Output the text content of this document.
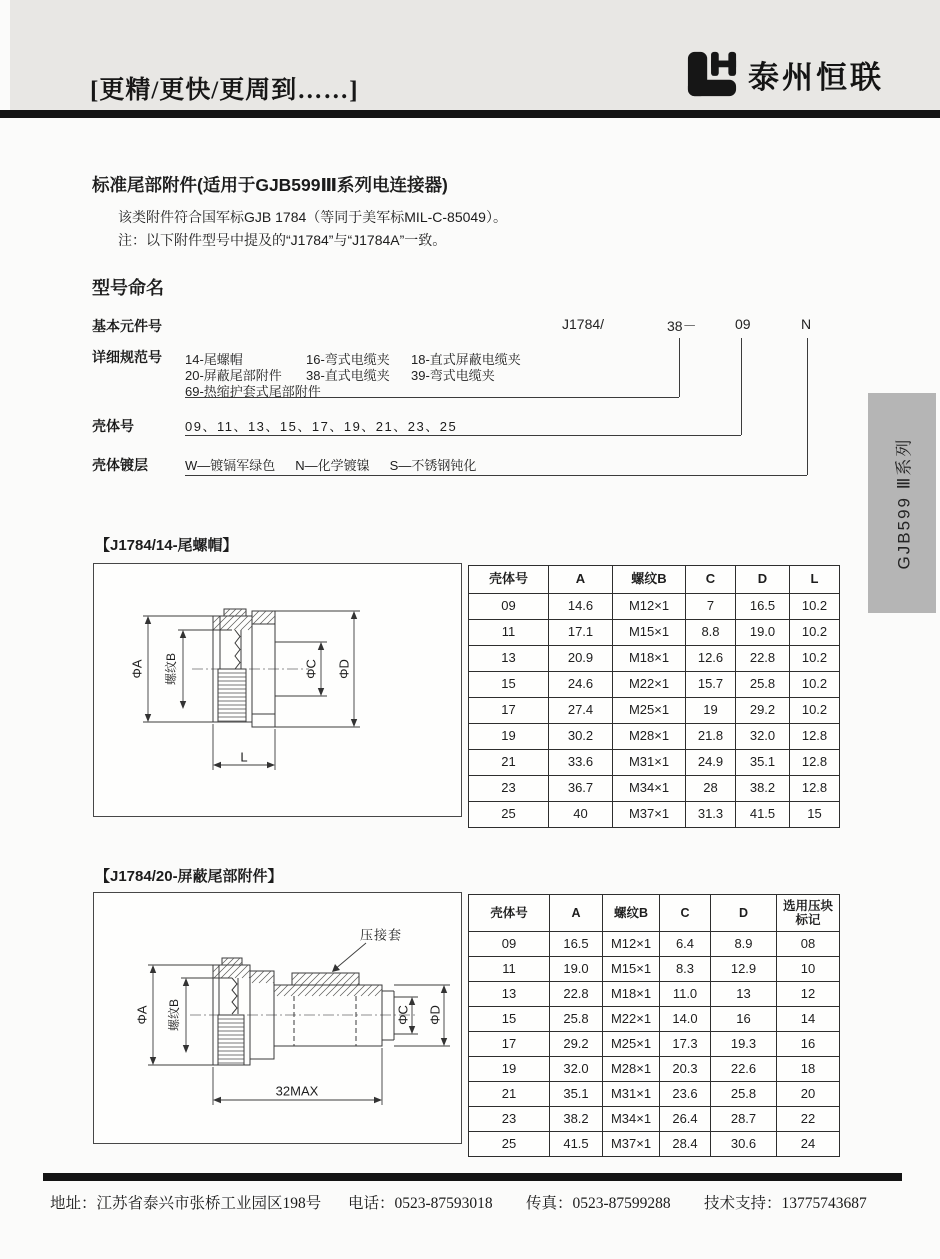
[更精/更快/更周到……]	泰州恒联
标准尾部附件(适用于GJB599Ⅲ系列电连接器)

该类附件符合国军标GJB 1784（等同于美军标MIL-C-85049）。

注：以下附件型号中提及的“J1784”与“J1784A”一致。

型号命名
基本元件号	J1784/	38－	09	N
详细规范号 14-尾螺帽	16-弯式电缆夹 18-直式屏蔽电缆夹
20-屏蔽尾部附件 38-直式电缆夹 39-弯式电缆夹
69-热缩护套式尾部附件
壳体号	09、11、13、15、17、19、21、23、25
壳体镀层	W—镀镉军绿色 N—化学镀镍 S—不锈钢钝化	GJB599 Ⅲ系列
【J1784/14-尾螺帽】
ΦA 螺纹B	ΦC ΦD
L
壳体号	A	螺纹B	C	D	L
09	14.6	M12×1	7	16.5	10.2
11	17.1	M15×1	8.8	19.0	10.2
13	20.9	M18×1	12.6	22.8	10.2
15	24.6	M22×1	15.7	25.8	10.2
17	27.4	M25×1	19	29.2	10.2
19	30.2	M28×1	21.8	32.0	12.8
21	33.6	M31×1	24.9	35.1	12.8
23	36.7	M34×1	28	38.2	12.8
25	40	M37×1	31.3	41.5	15
【J1784/20-屏蔽尾部附件】
ΦA 螺纹B	ΦC ΦD
32MAX
压接套
壳体号	A	螺纹B	C	D	选用压块标记
09	16.5	M12×1	6.4	8.9	08
11	19.0	M15×1	8.3	12.9	10
13	22.8	M18×1	11.0	13	12
15	25.8	M22×1	14.0	16	14
17	29.2	M25×1	17.3	19.3	16
19	32.0	M28×1	20.3	22.6	18
21	35.1	M31×1	23.6	25.8	20
23	38.2	M34×1	26.4	28.7	22
25	41.5	M37×1	28.4	30.6	24
地址：江苏省泰兴市张桥工业园区198号 电话：0523-87593018 传真：0523-87599288 技术支持：13775743687
